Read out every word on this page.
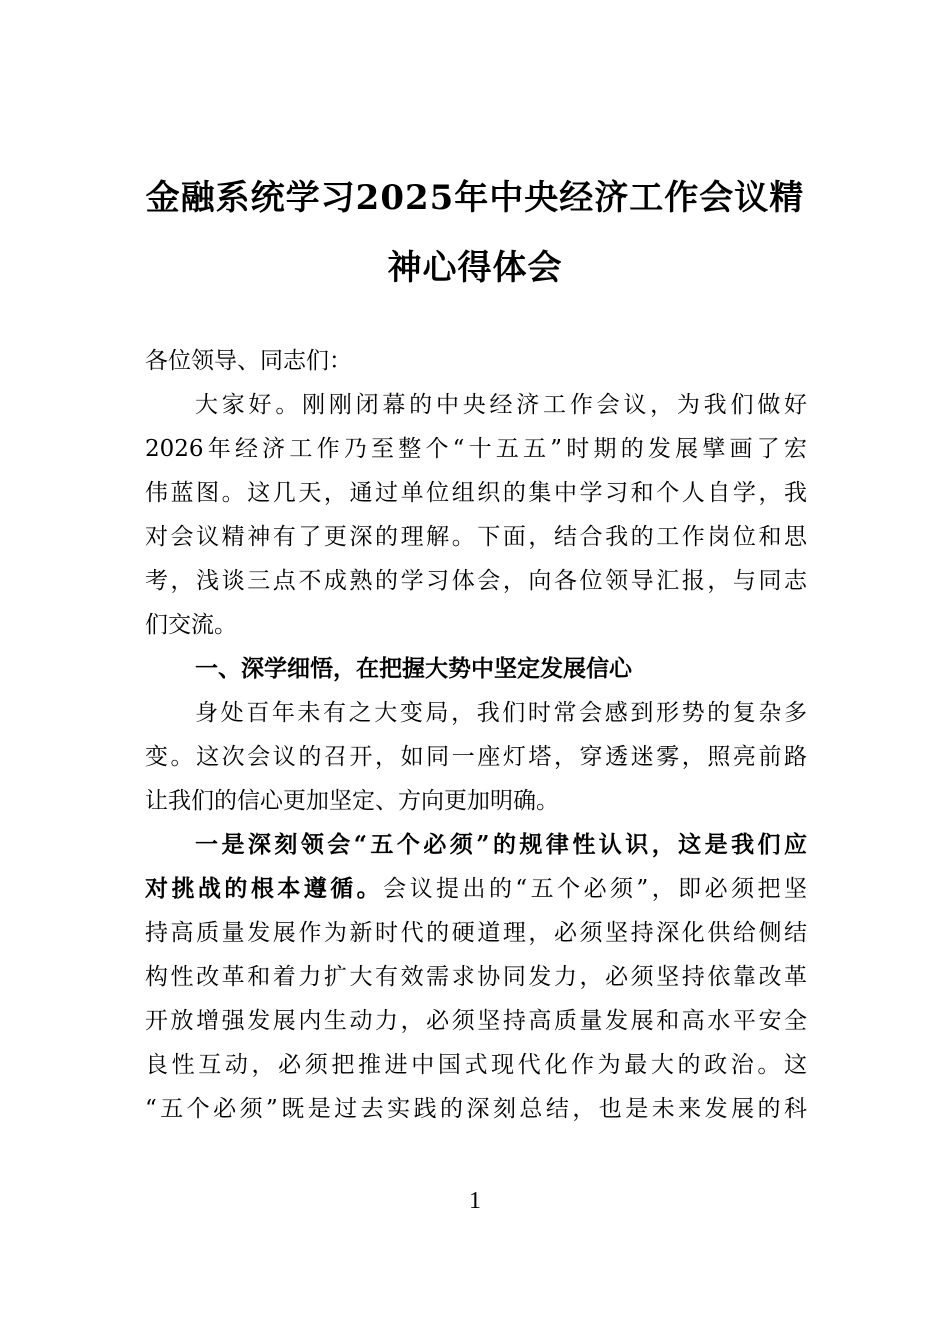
金融系统学习2025年中央经济工作会议精
神心得体会
各位领导、同志们：
大家好。刚刚闭幕的中央经济工作会议，为我们做好
2026年经济工作乃至整个“十五五”时期的发展擘画了宏
伟蓝图。这几天，通过单位组织的集中学习和个人自学，我
对会议精神有了更深的理解。下面，结合我的工作岗位和思
考，浅谈三点不成熟的学习体会，向各位领导汇报，与同志
们交流。
一、深学细悟，在把握大势中坚定发展信心
身处百年未有之大变局，我们时常会感到形势的复杂多
变。这次会议的召开，如同一座灯塔，穿透迷雾，照亮前路
让我们的信心更加坚定、方向更加明确。
一是深刻领会“五个必须”的规律性认识，这是我们应
对挑战的根本遵循。会议提出的“五个必须”，即必须把坚
持高质量发展作为新时代的硬道理，必须坚持深化供给侧结
构性改革和着力扩大有效需求协同发力，必须坚持依靠改革
开放增强发展内生动力，必须坚持高质量发展和高水平安全
良性互动，必须把推进中国式现代化作为最大的政治。这
“五个必须”既是过去实践的深刻总结，也是未来发展的科
1
